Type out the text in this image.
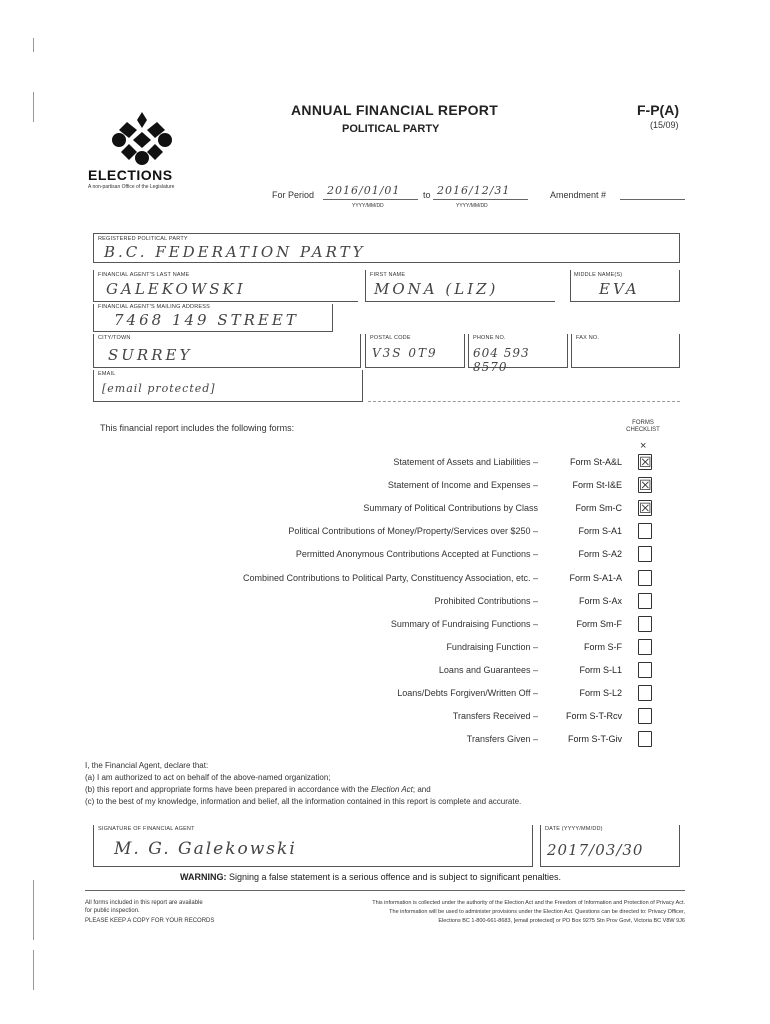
ELECTIONS
A non-partisan Office of the Legislature
ANNUAL FINANCIAL REPORT
POLITICAL PARTY
F-P(A)
(15/09)
For Period 2016/01/01
YYYY/MM/DD
to 2016/12/31
YYYY/MM/DD
Amendment #
REGISTERED POLITICAL PARTY
B.C. FEDERATION PARTY
FINANCIAL AGENT'S LAST NAME
GALEKOWSKI
FIRST NAME
MONA (LIZ)
MIDDLE NAME(S)
EVA
FINANCIAL AGENT'S MAILING ADDRESS
7468 149 STREET
CITY/TOWN
SURREY
POSTAL CODE
V3S 0T9
PHONE NO.
604 593 8570
FAX NO.
EMAIL
[email protected]
This financial report includes the following forms:	FORMS CHECKLIST
×
Statement of Assets and Liabilities –	Form St-A&L ☒
Statement of Income and Expenses –	Form St-I&E ☒
Summary of Political Contributions by Class	Form Sm-C ☒
Political Contributions of Money/Property/Services over $250 –	Form S-A1
Permitted Anonymous Contributions Accepted at Functions –	Form S-A2
Combined Contributions to Political Party, Constituency Association, etc. –	Form S-A1-A
Prohibited Contributions –	Form S-Ax
Summary of Fundraising Functions –	Form Sm-F
Fundraising Function –	Form S-F
Loans and Guarantees –	Form S-L1
Loans/Debts Forgiven/Written Off –	Form S-L2
Transfers Received –	Form S-T-Rcv
Transfers Given –	Form S-T-Giv
I, the Financial Agent, declare that:
(a) I am authorized to act on behalf of the above-named organization;
(b) this report and appropriate forms have been prepared in accordance with the Election Act; and
(c) to the best of my knowledge, information and belief, all the information contained in this report is complete and accurate.
SIGNATURE OF FINANCIAL AGENT
M. G. Galekowski
DATE (YYYY/MM/DD)
2017/03/30
WARNING: Signing a false statement is a serious offence and is subject to significant penalties.
All forms included in this report are available
for public inspection.
PLEASE KEEP A COPY FOR YOUR RECORDS
This information is collected under the authority of the Election Act and the Freedom of Information and Protection of Privacy Act.
The information will be used to administer provisions under the Election Act. Questions can be directed to: Privacy Officer,
Elections BC 1-800-661-8683, [email protected] or PO Box 9275 Stn Prov Govt, Victoria BC V8W 9J6
